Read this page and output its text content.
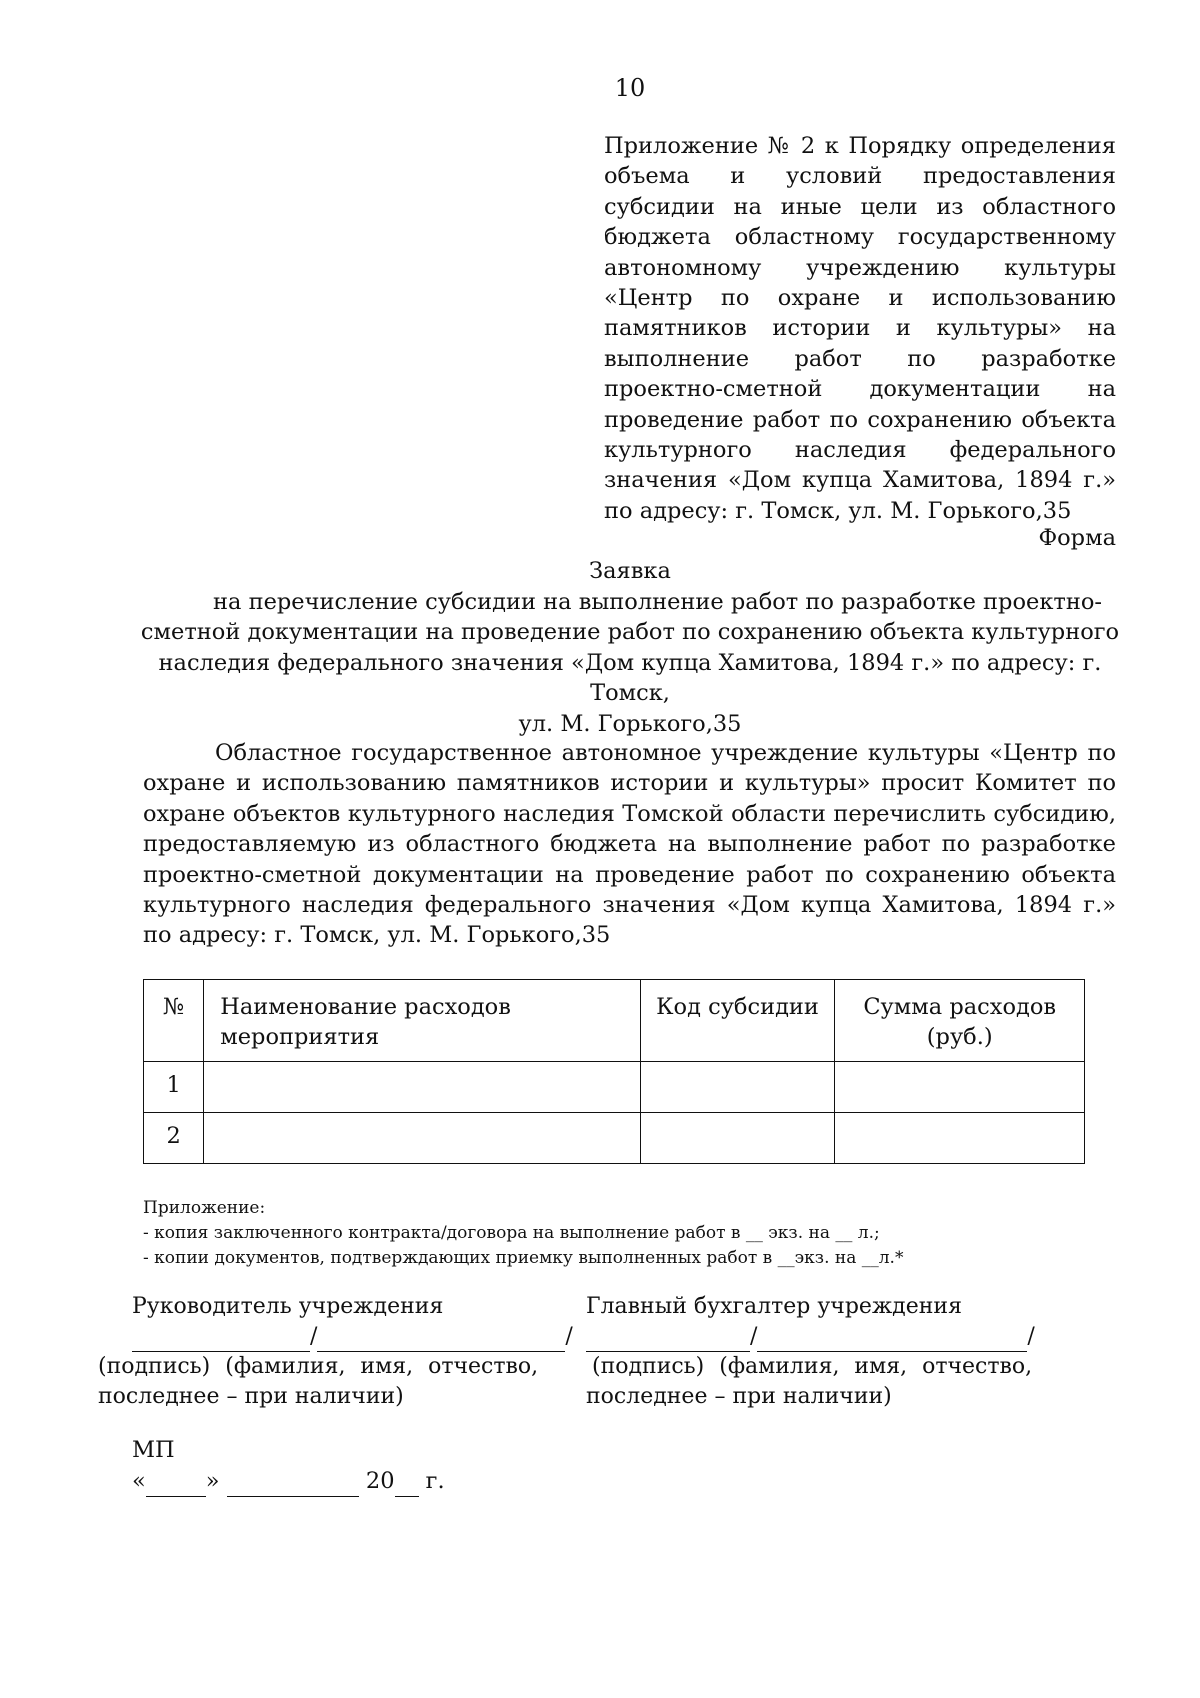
10
Приложение № 2 к Порядку определения объема и условий предоставления субсидии на иные цели из областного бюджета областному государственному автономному учреждению культуры «Центр по охране и использованию памятников истории и культуры» на выполнение работ по разработке проектно-сметной документации на проведение работ по сохранению объекта культурного наследия федерального значения «Дом купца Хамитова, 1894 г.» по адресу: г. Томск, ул. М. Горького,35
Форма
Заявка
на перечисление субсидии на выполнение работ по разработке проектно-
сметной документации на проведение работ по сохранению объекта культурного
наследия федерального значения «Дом купца Хамитова, 1894 г.» по адресу: г. Томск,
ул. М. Горького,35

Областное государственное автономное учреждение культуры «Центр по охране и использованию памятников истории и культуры» просит Комитет по охране объектов культурного наследия Томской области перечислить субсидию, предоставляемую из областного бюджета на выполнение работ по разработке проектно-сметной документации на проведение работ по сохранению объекта культурного наследия федерального значения «Дом купца Хамитова, 1894 г.» по адресу: г. Томск, ул. М. Горького,35

№	Наименование расходов мероприятия	Код субсидии	Сумма расходов (руб.)
1			
2			
Приложение:
- копия заключенного контракта/договора на выполнение работ в __ экз. на __ л.;
- копии документов, подтверждающих приемку выполненных работ в __экз. на __л.*
Руководитель учреждения
/	/
(подпись) (фамилия, имя, отчество,
последнее – при наличии)
Главный бухгалтер учреждения
/	/
(подпись) (фамилия, имя, отчество,
последнее – при наличии)
МП
«	»	20 г.
